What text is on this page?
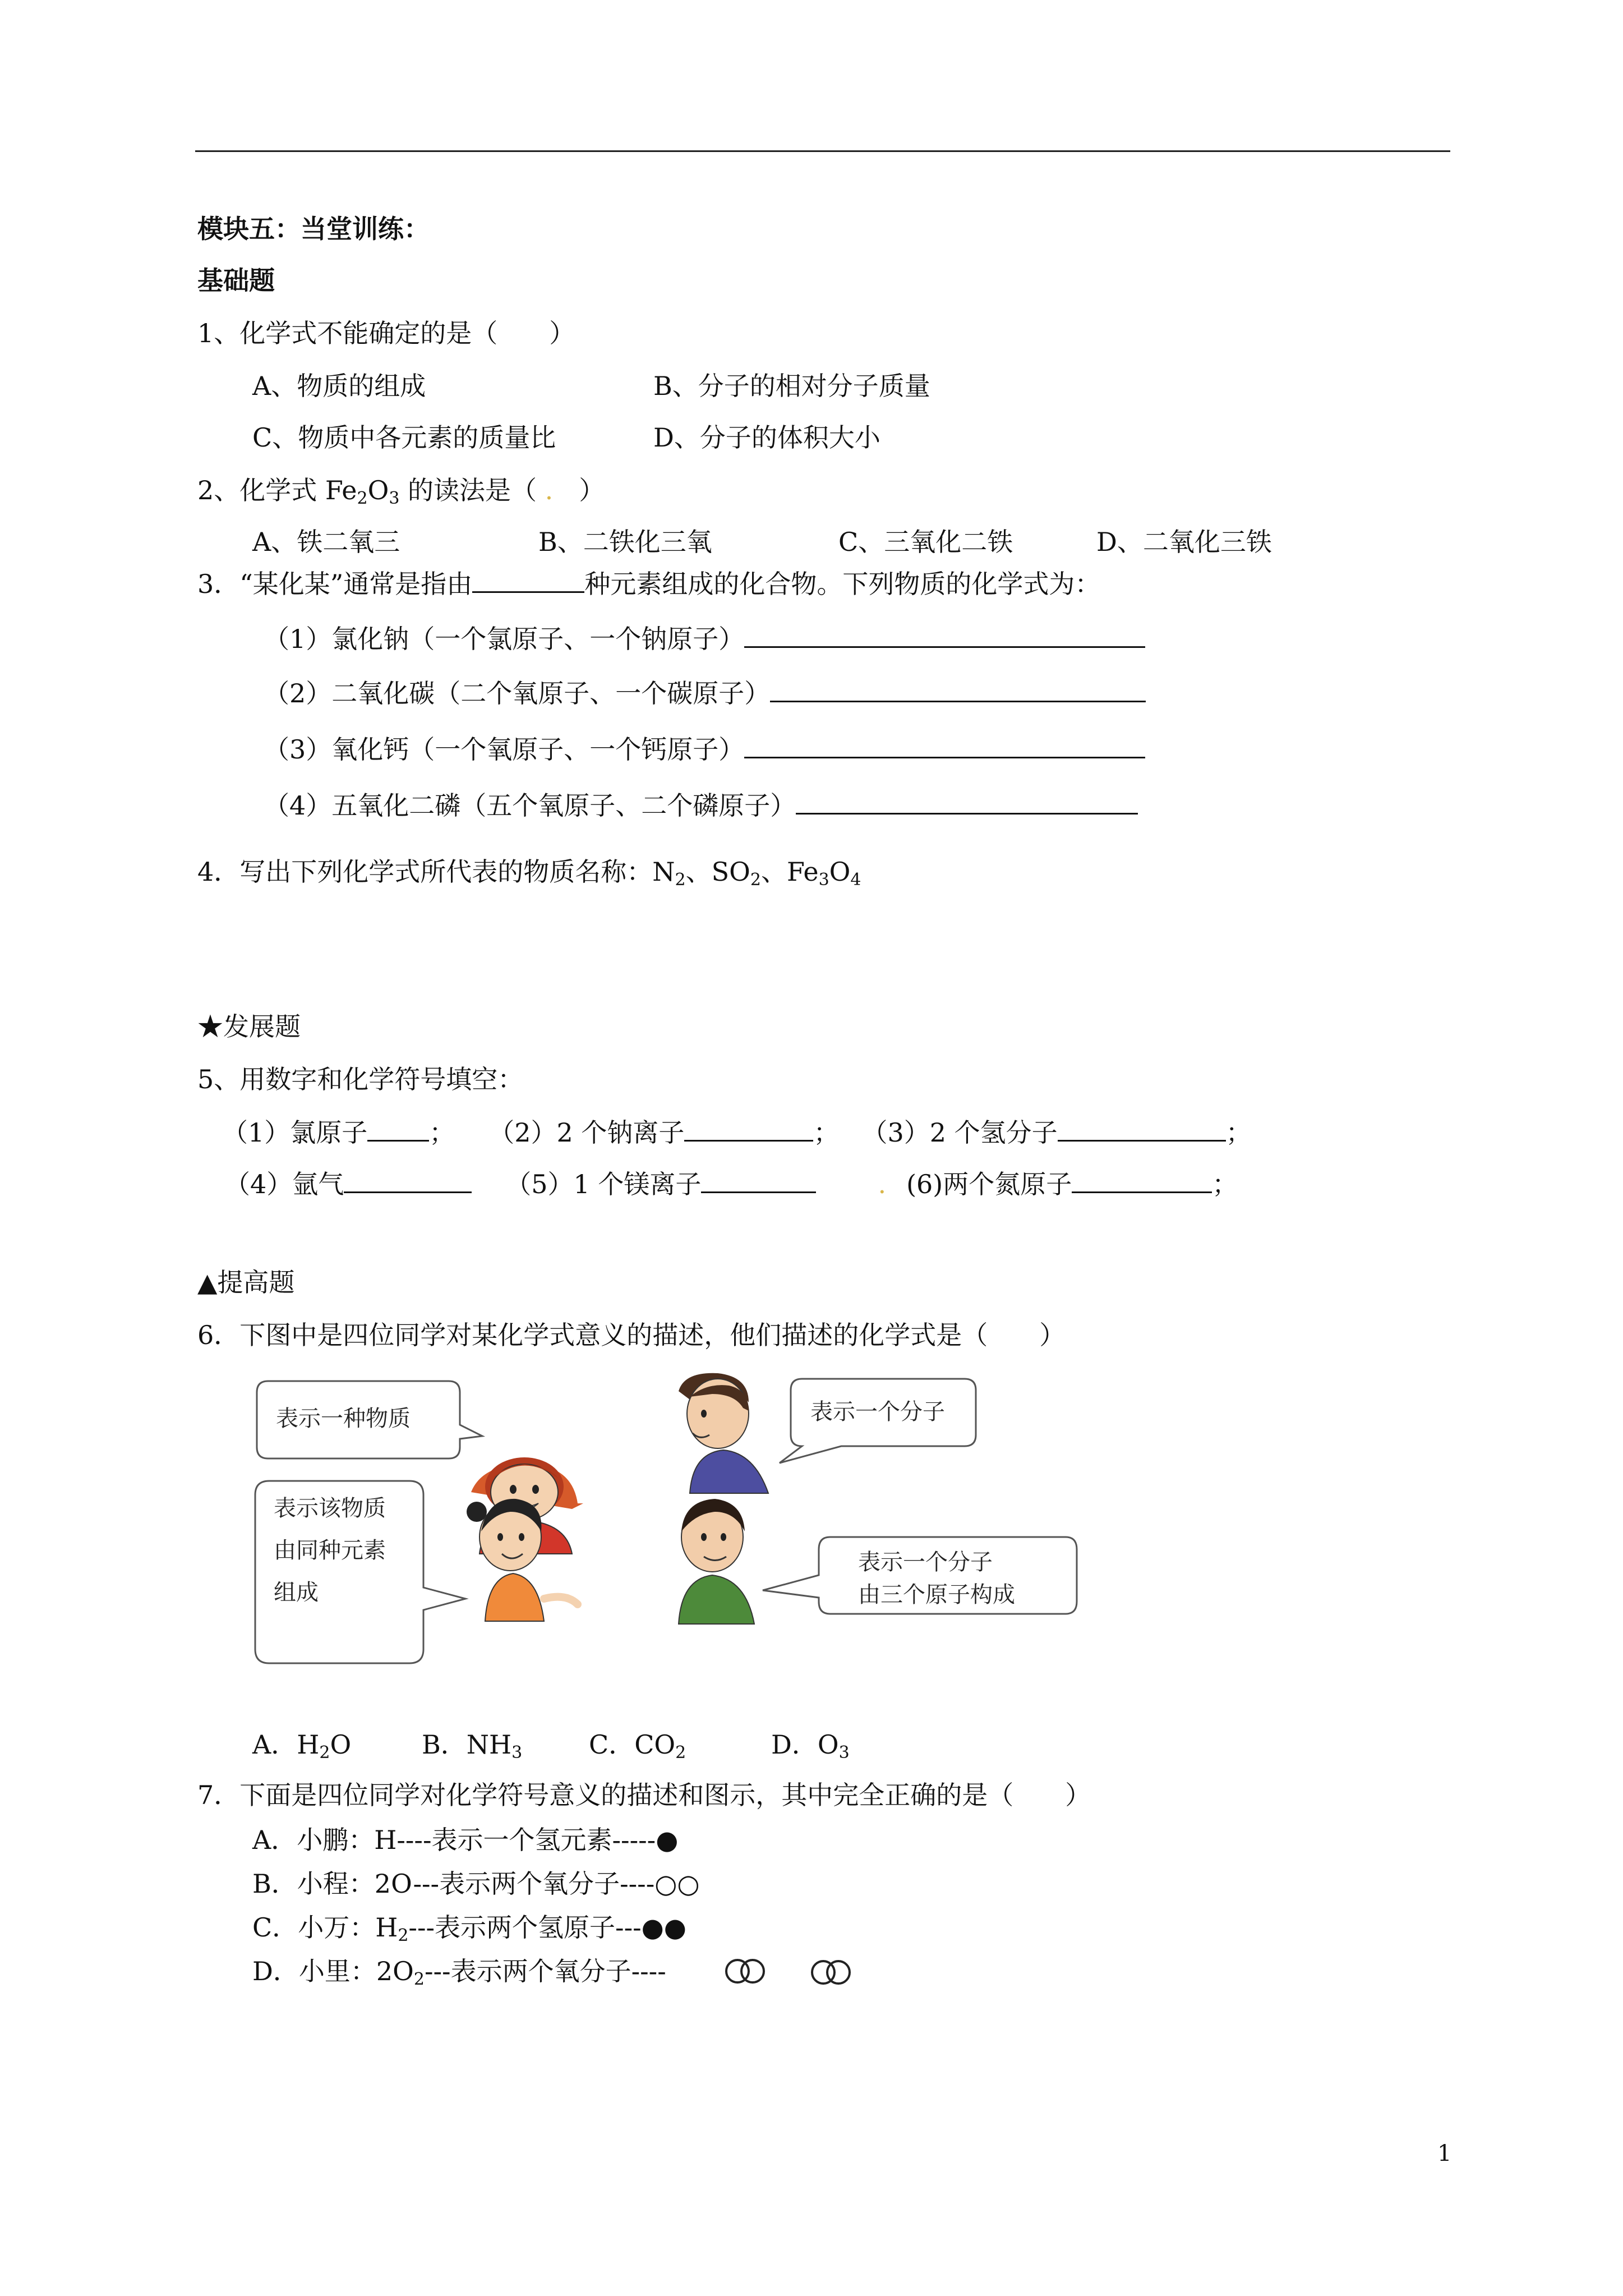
模块五：当堂训练：
基础题
1、化学式不能确定的是（　　）
A、物质的组成	B、分子的相对分子质量
C、物质中各元素的质量比	D、分子的体积大小
2、化学式 $Fe_2O_3$ 的读法是（ .　）
A、铁二氧三	B、二铁化三氧	C、三氧化二铁	D、二氧化三铁
3．“某化某”通常是指由	种元素组成的化合物。下列物质的化学式为：
（1）氯化钠（一个氯原子、一个钠原子）
（2）二氧化碳（二个氧原子、一个碳原子）
（3）氧化钙（一个氧原子、一个钙原子）
（4）五氧化二磷（五个氧原子、二个磷原子）
4．写出下列化学式所代表的物质名称：$N_2$、$SO_2$、$Fe_3O_4$
★发展题
5、用数字和化学符号填空：
（1）氯原子 ； （2）2 个钠离子	； （3）2 个氢分子	；
（4）氩气	（5）1 个镁离子	. (6)两个氮原子	；
▲提高题
6．下图中是四位同学对某化学式意义的描述，他们描述的化学式是（　　）
表示一种物质	表示一个分子
表示该物质
由同种元素
组成
表示一个分子
由三个原子构成
A．$H_2O$	B．$NH_3$	C．$CO_2$	D．$O_3$
7．下面是四位同学对化学符号意义的描述和图示，其中完全正确的是（　　）
A．小鹏：H----表示一个氢元素-----●
B．小程：2O---表示两个氧分子----○○
C．小万：$H_2---$表示两个氢原子---●●
D．小里：$2O_2---$表示两个氧分子----
1
